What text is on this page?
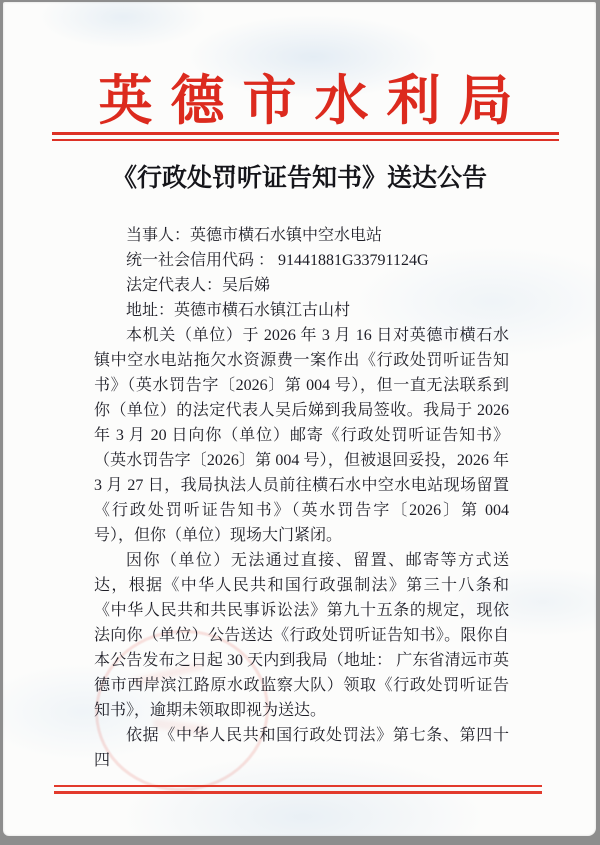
英德市水利局
《行政处罚听证告知书》送达公告

当事人：英德市横石水镇中空水电站

统一社会信用代码 ： 91441881G33791124G

法定代表人：吴后娣

地址：英德市横石水镇江古山村

本机关（单位）于 2026 年 3 月 16 日对英德市横石水镇中空水电站拖欠水资源费一案作出《行政处罚听证告知书》（英水罚告字〔2026〕第 004 号），但一直无法联系到你（单位）的法定代表人吴后娣到我局签收。我局于 2026 年 3 月 20 日向你（单位）邮寄《行政处罚听证告知书》（英水罚告字〔2026〕第 004 号），但被退回妥投，2026 年 3 月 27 日，我局执法人员前往横石水中空水电站现场留置《行政处罚听证告知书》（英水罚告字〔2026〕第 004 号），但你（单位）现场大门紧闭。

因你（单位）无法通过直接、留置、邮寄等方式送达，根据《中华人民共和国行政强制法》第三十八条和《中华人民共和共民事诉讼法》第九十五条的规定，现依法向你（单位）公告送达《行政处罚听证告知书》。限你自本公告发布之日起 30 天内到我局（地址： 广东省清远市英德市西岸滨江路原水政监察大队）领取《行政处罚听证告知书》，逾期未领取即视为送达。

依据《中华人民共和国行政处罚法》第七条、第四十四
